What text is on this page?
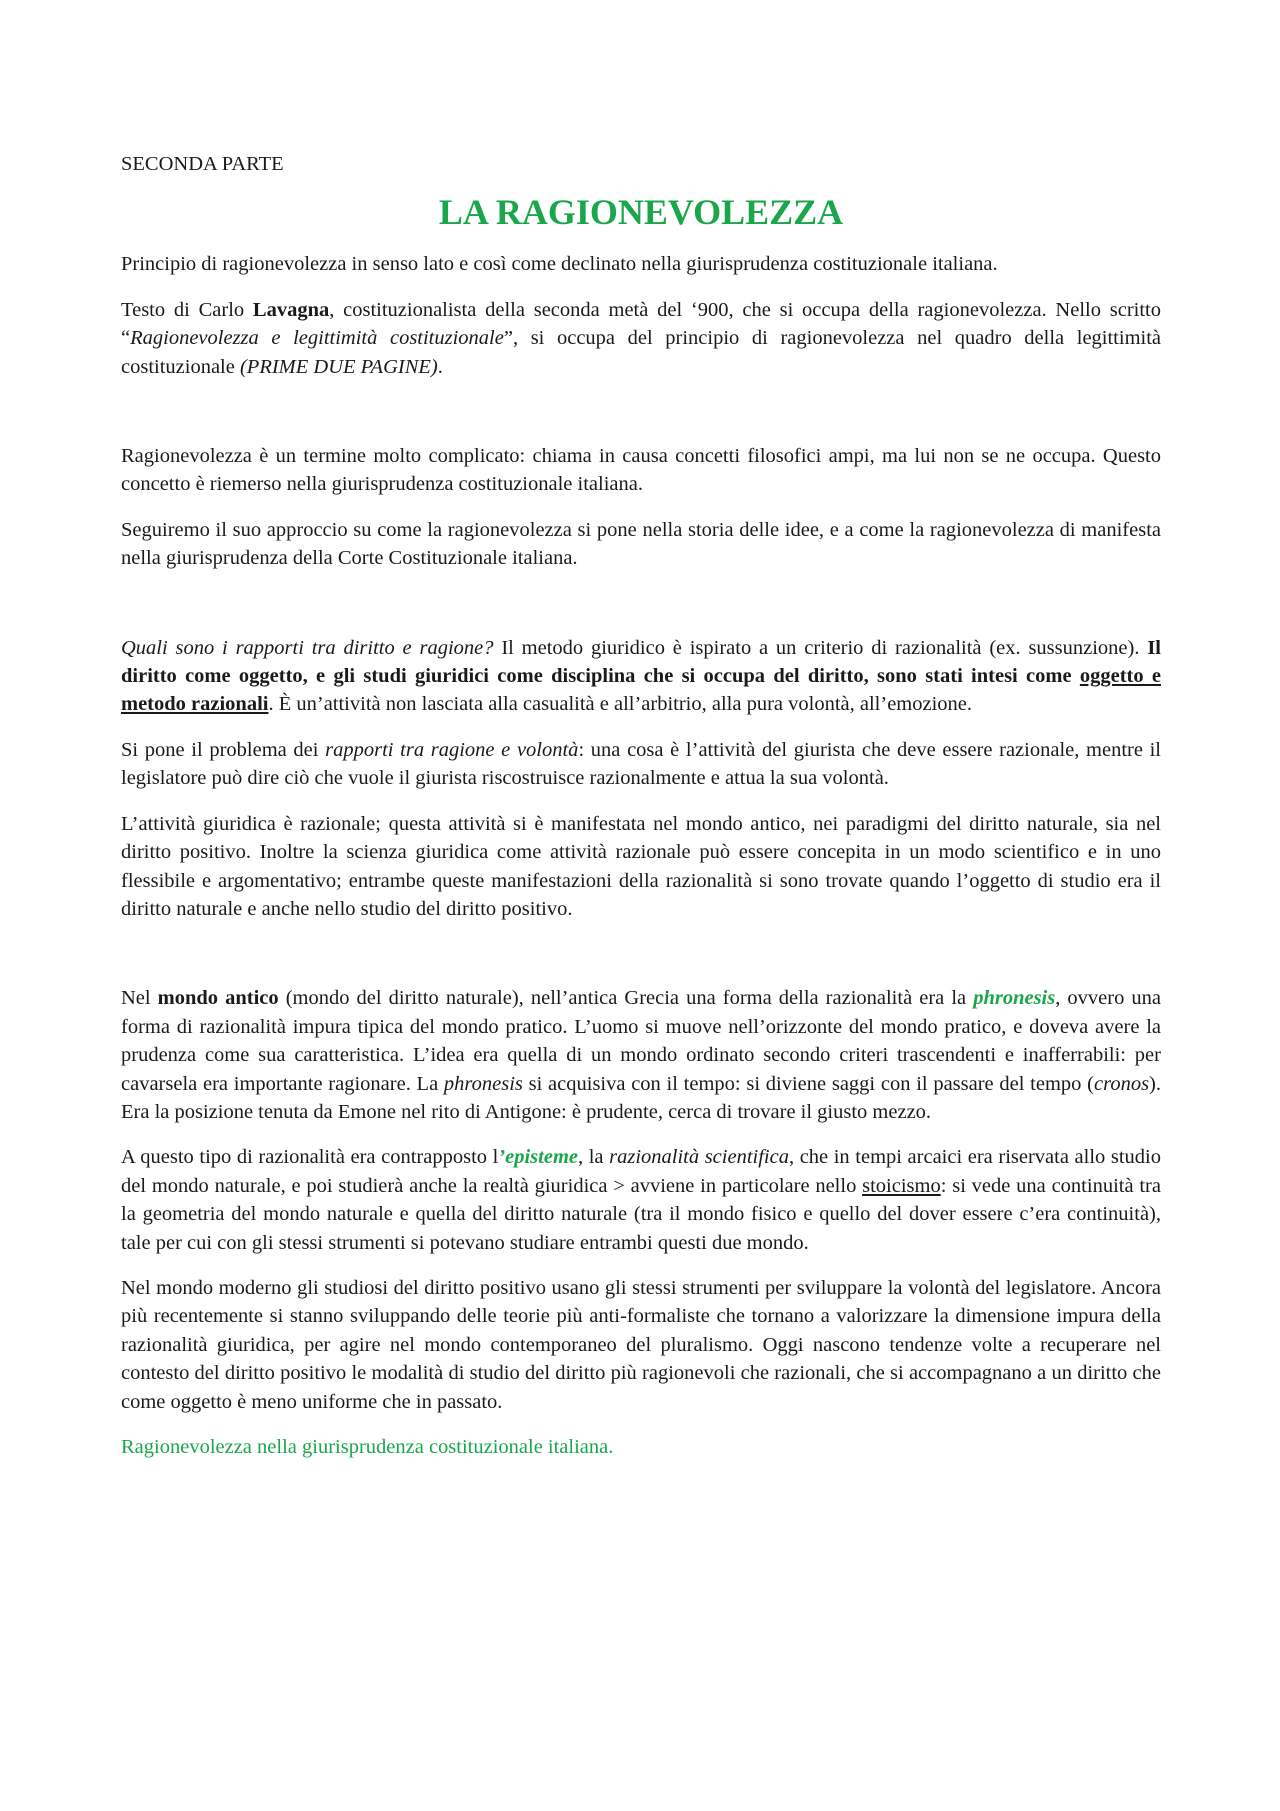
SECONDA PARTE
LA RAGIONEVOLEZZA

Principio di ragionevolezza in senso lato e così come declinato nella giurisprudenza costituzionale italiana.

Testo di Carlo Lavagna, costituzionalista della seconda metà del ‘900, che si occupa della ragionevolezza. Nello scritto “Ragionevolezza e legittimità costituzionale”, si occupa del principio di ragionevolezza nel quadro della legittimità costituzionale (PRIME DUE PAGINE).

Ragionevolezza è un termine molto complicato: chiama in causa concetti filosofici ampi, ma lui non se ne occupa. Questo concetto è riemerso nella giurisprudenza costituzionale italiana.

Seguiremo il suo approccio su come la ragionevolezza si pone nella storia delle idee, e a come la ragionevolezza di manifesta nella giurisprudenza della Corte Costituzionale italiana.

Quali sono i rapporti tra diritto e ragione? Il metodo giuridico è ispirato a un criterio di razionalità (ex. sussunzione). Il diritto come oggetto, e gli studi giuridici come disciplina che si occupa del diritto, sono stati intesi come oggetto e metodo razionali. È un’attività non lasciata alla casualità e all’arbitrio, alla pura volontà, all’emozione.

Si pone il problema dei rapporti tra ragione e volontà: una cosa è l’attività del giurista che deve essere razionale, mentre il legislatore può dire ciò che vuole il giurista riscostruisce razionalmente e attua la sua volontà.

L’attività giuridica è razionale; questa attività si è manifestata nel mondo antico, nei paradigmi del diritto naturale, sia nel diritto positivo. Inoltre la scienza giuridica come attività razionale può essere concepita in un modo scientifico e in uno flessibile e argomentativo; entrambe queste manifestazioni della razionalità si sono trovate quando l’oggetto di studio era il diritto naturale e anche nello studio del diritto positivo.

Nel mondo antico (mondo del diritto naturale), nell’antica Grecia una forma della razionalità era la phronesis, ovvero una forma di razionalità impura tipica del mondo pratico. L’uomo si muove nell’orizzonte del mondo pratico, e doveva avere la prudenza come sua caratteristica. L’idea era quella di un mondo ordinato secondo criteri trascendenti e inafferrabili: per cavarsela era importante ragionare. La phronesis si acquisiva con il tempo: si diviene saggi con il passare del tempo (cronos). Era la posizione tenuta da Emone nel rito di Antigone: è prudente, cerca di trovare il giusto mezzo.

A questo tipo di razionalità era contrapposto l’episteme, la razionalità scientifica, che in tempi arcaici era riservata allo studio del mondo naturale, e poi studierà anche la realtà giuridica > avviene in particolare nello stoicismo: si vede una continuità tra la geometria del mondo naturale e quella del diritto naturale (tra il mondo fisico e quello del dover essere c’era continuità), tale per cui con gli stessi strumenti si potevano studiare entrambi questi due mondo.

Nel mondo moderno gli studiosi del diritto positivo usano gli stessi strumenti per sviluppare la volontà del legislatore. Ancora più recentemente si stanno sviluppando delle teorie più anti-formaliste che tornano a valorizzare la dimensione impura della razionalità giuridica, per agire nel mondo contemporaneo del pluralismo. Oggi nascono tendenze volte a recuperare nel contesto del diritto positivo le modalità di studio del diritto più ragionevoli che razionali, che si accompagnano a un diritto che come oggetto è meno uniforme che in passato.

Ragionevolezza nella giurisprudenza costituzionale italiana.
